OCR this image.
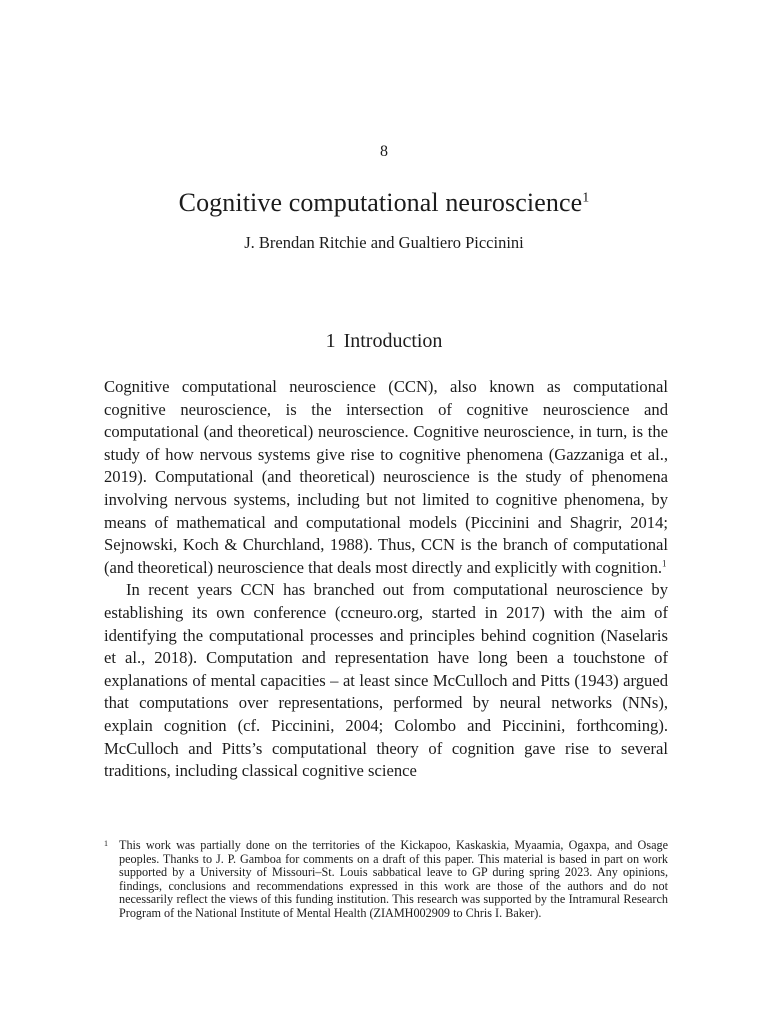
8
Cognitive computational neuroscience$^1$
J. Brendan Ritchie and Gualtiero Piccinini
1 Introduction

Cognitive computational neuroscience (CCN), also known as computational cognitive neuroscience, is the intersection of cognitive neuroscience and computational (and theoretical) neuroscience. Cognitive neuroscience, in turn, is the study of how nervous systems give rise to cognitive phenomena (Gazzaniga et al., 2019). Computational (and theoretical) neuroscience is the study of phenomena involving nervous systems, including but not limited to cognitive phenomena, by means of mathematical and computational models (Piccinini and Shagrir, 2014; Sejnowski, Koch & Churchland, 1988). Thus, CCN is the branch of computational (and theoretical) neuroscience that deals most directly and explicitly with cognition.$^1$

In recent years CCN has branched out from computational neuroscience by establishing its own conference (ccneuro.org, started in 2017) with the aim of identifying the computational processes and principles behind cognition (Naselaris et al., 2018). Computation and representation have long been a touchstone of explanations of mental capacities – at least since McCulloch and Pitts (1943) argued that computations over representations, performed by neural networks (NNs), explain cognition (cf. Piccinini, 2004; Colombo and Piccinini, forthcoming). McCulloch and Pitts’s computational theory of cognition gave rise to several traditions, including classical cognitive science

1 This work was partially done on the territories of the Kickapoo, Kaskaskia, Myaamia, Ogaxpa, and Osage peoples. Thanks to J. P. Gamboa for comments on a draft of this paper. This material is based in part on work supported by a University of Missouri–St. Louis sabbatical leave to GP during spring 2023. Any opinions, findings, conclusions and recommendations expressed in this work are those of the authors and do not necessarily reflect the views of this funding institution. This research was supported by the Intramural Research Program of the National Institute of Mental Health (ZIAMH002909 to Chris I. Baker).
